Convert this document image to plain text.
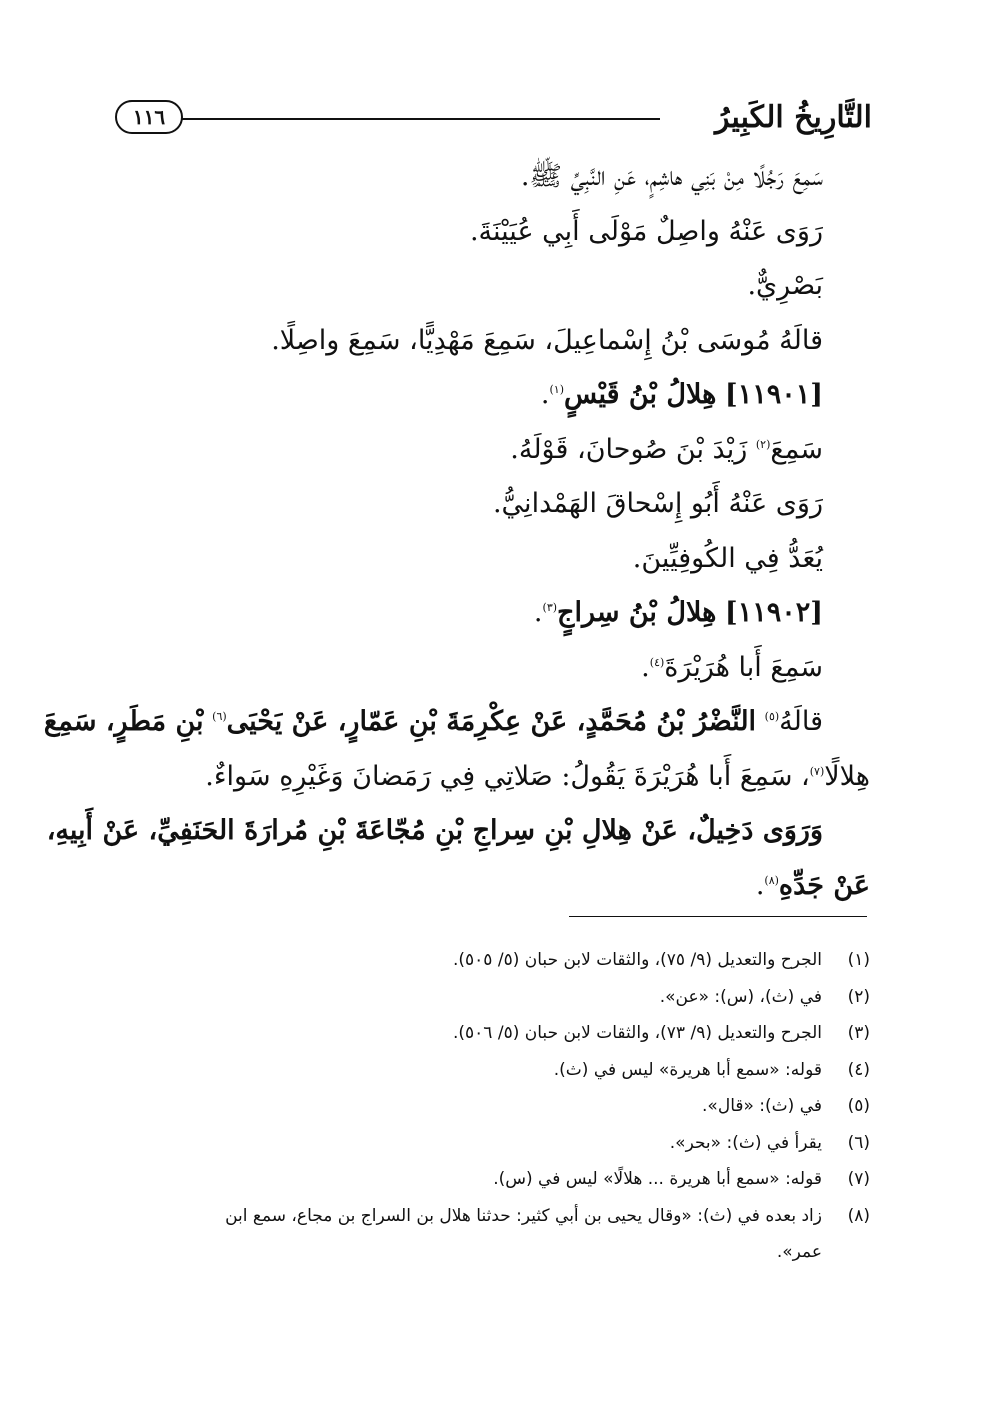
التَّارِيخُ الكَبِيرُ
١١٦
سَمِعَ رَجُلًا مِنْ بَنِي هاشِمٍ، عَنِ النَّبِيِّ ﷺ.
رَوَى عَنْهُ واصِلٌ مَوْلَى أَبِي عُيَيْنَةَ.
بَصْرِيٌّ.
قالَهُ مُوسَى بْنُ إِسْماعِيلَ، سَمِعَ مَهْدِيًّا، سَمِعَ واصِلًا.
[١١٩٠١] هِلالُ بْنُ قَيْسٍ$^{(١)}$.
سَمِعَ$^{(٢)}$ زَيْدَ بْنَ صُوحانَ، قَوْلَهُ.
رَوَى عَنْهُ أَبُو إِسْحاقَ الهَمْدانِيُّ.
يُعَدُّ فِي الكُوفِيِّينَ.
[١١٩٠٢] هِلالُ بْنُ سِراجٍ$^{(٣)}$.
سَمِعَ أَبا هُرَيْرَةَ$^{(٤)}$.
قالَهُ$^{(٥)}$ النَّضْرُ بْنُ مُحَمَّدٍ، عَنْ عِكْرِمَةَ بْنِ عَمّارٍ، عَنْ يَحْيَى$^{(٦)}$ بْنِ مَطَرٍ، سَمِعَ
هِلالًا$^{(٧)}$، سَمِعَ أَبا هُرَيْرَةَ يَقُولُ: صَلاتِي فِي رَمَضانَ وَغَيْرِهِ سَواءٌ.
وَرَوَى دَخِيلٌ، عَنْ هِلالِ بْنِ سِراجِ بْنِ مُجّاعَةَ بْنِ مُرارَةَ الحَنَفِيِّ، عَنْ أَبِيهِ،
عَنْ جَدِّهِ$^{(٨)}$.
(١)
الجرح والتعديل (٩/ ٧٥)، والثقات لابن حبان (٥/ ٥٠٥).
(٢)
في (ث)، (س): «عن».
(٣)
الجرح والتعديل (٩/ ٧٣)، والثقات لابن حبان (٥/ ٥٠٦).
(٤)
قوله: «سمع أبا هريرة» ليس في (ث).
(٥)
في (ث): «قال».
(٦)
يقرأ في (ث): «بحر».
(٧)
قوله: «سمع أبا هريرة ... هلالًا» ليس في (س).
(٨)
زاد بعده في (ث): «وقال يحيى بن أبي كثير: حدثنا هلال بن السراج بن مجاع، سمع ابن
عمر».
